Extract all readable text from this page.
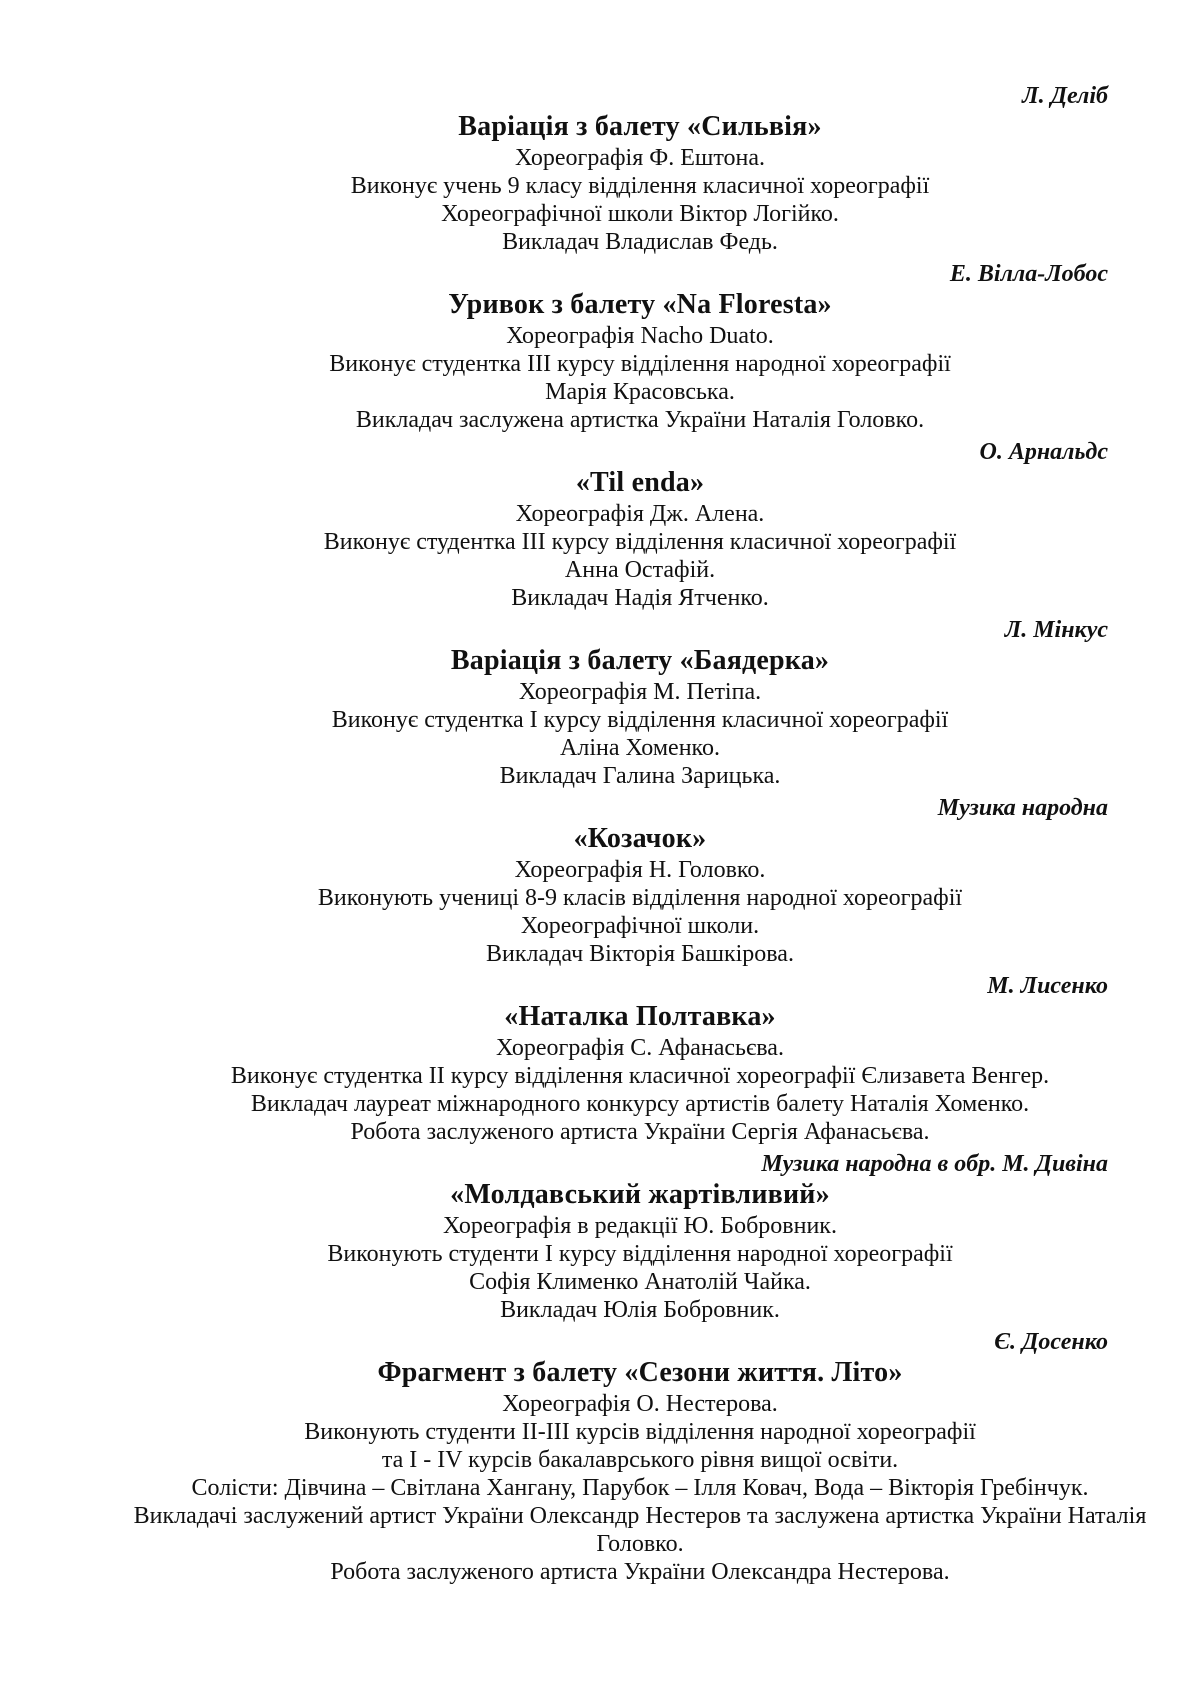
Л. Деліб

Варіація з балету «Сильвія»

Хореографія Ф. Ештона.

Виконує учень 9 класу відділення класичної хореографії

Хореографічної школи Віктор Логійко.

Викладач Владислав Федь.

Е. Вілла-Лобос

Уривок з балету «Na Floresta»

Хореографія Nacho Duato.

Виконує студентка III курсу відділення народної хореографії

Марія Красовська.

Викладач заслужена артистка України Наталія Головко.

О. Арнальдс

«Til enda»

Хореографія Дж. Алена.

Виконує студентка III курсу відділення класичної хореографії

Анна Остафій.

Викладач Надія Ятченко.

Л. Мінкус

Варіація з балету «Баядерка»

Хореографія М. Петіпа.

Виконує студентка I курсу відділення класичної хореографії

Аліна Хоменко.

Викладач Галина Зарицька.

Музика народна

«Козачок»

Хореографія Н. Головко.

Виконують учениці 8-9 класів відділення народної хореографії

Хореографічної школи.

Викладач Вікторія Башкірова.

М. Лисенко

«Наталка Полтавка»

Хореографія С. Афанасьєва.

Виконує студентка II курсу відділення класичної хореографії Єлизавета Венгер.

Викладач лауреат міжнародного конкурсу артистів балету Наталія Хоменко.

Робота заслуженого артиста України Сергія Афанасьєва.

Музика народна в обр. М. Дивіна

«Молдавський жартівливий»

Хореографія в редакції Ю. Бобровник.

Виконують студенти I курсу відділення народної хореографії

Софія Клименко Анатолій Чайка.

Викладач Юлія Бобровник.

Є. Досенко

Фрагмент з балету «Сезони життя. Літо»

Хореографія О. Нестерова.

Виконують студенти II-III курсів відділення народної хореографії

та I - IV курсів бакалаврського рівня вищої освіти.

Солісти: Дівчина – Світлана Хангану, Парубок – Ілля Ковач, Вода – Вікторія Гребінчук.

Викладачі заслужений артист України Олександр Нестеров та заслужена артистка України Наталія Головко.

Робота заслуженого артиста України Олександра Нестерова.
